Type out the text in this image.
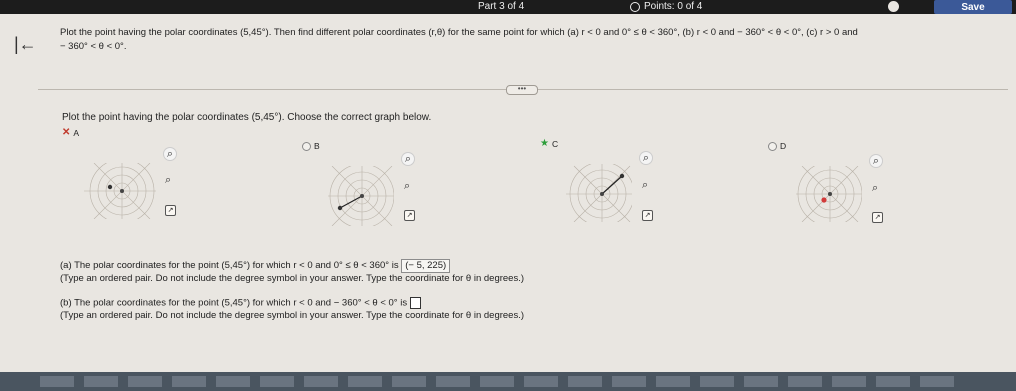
Part 3 of 4	Points: 0 of 4	Save
|←
Plot the point having the polar coordinates (5,45°). Then find different polar coordinates (r,θ) for the same point for which (a) r < 0 and 0° ≤ θ < 360°, (b) r < 0 and − 360° < θ < 0°, (c) r > 0 and
− 360° < θ < 0°.
•••
Plot the point having the polar coordinates (5,45°). Choose the correct graph below.
✕ A
B	★ C	D
⌕
⌕
↗
⌕
⌕
↗
⌕
⌕
↗
⌕
⌕
↗
(a) The polar coordinates for the point (5,45°) for which r < 0 and 0° ≤ θ < 360° is (− 5, 225)
(Type an ordered pair. Do not include the degree symbol in your answer. Type the coordinate for θ in degrees.)
(b) The polar coordinates for the point (5,45°) for which r < 0 and − 360° < θ < 0° is
(Type an ordered pair. Do not include the degree symbol in your answer. Type the coordinate for θ in degrees.)
